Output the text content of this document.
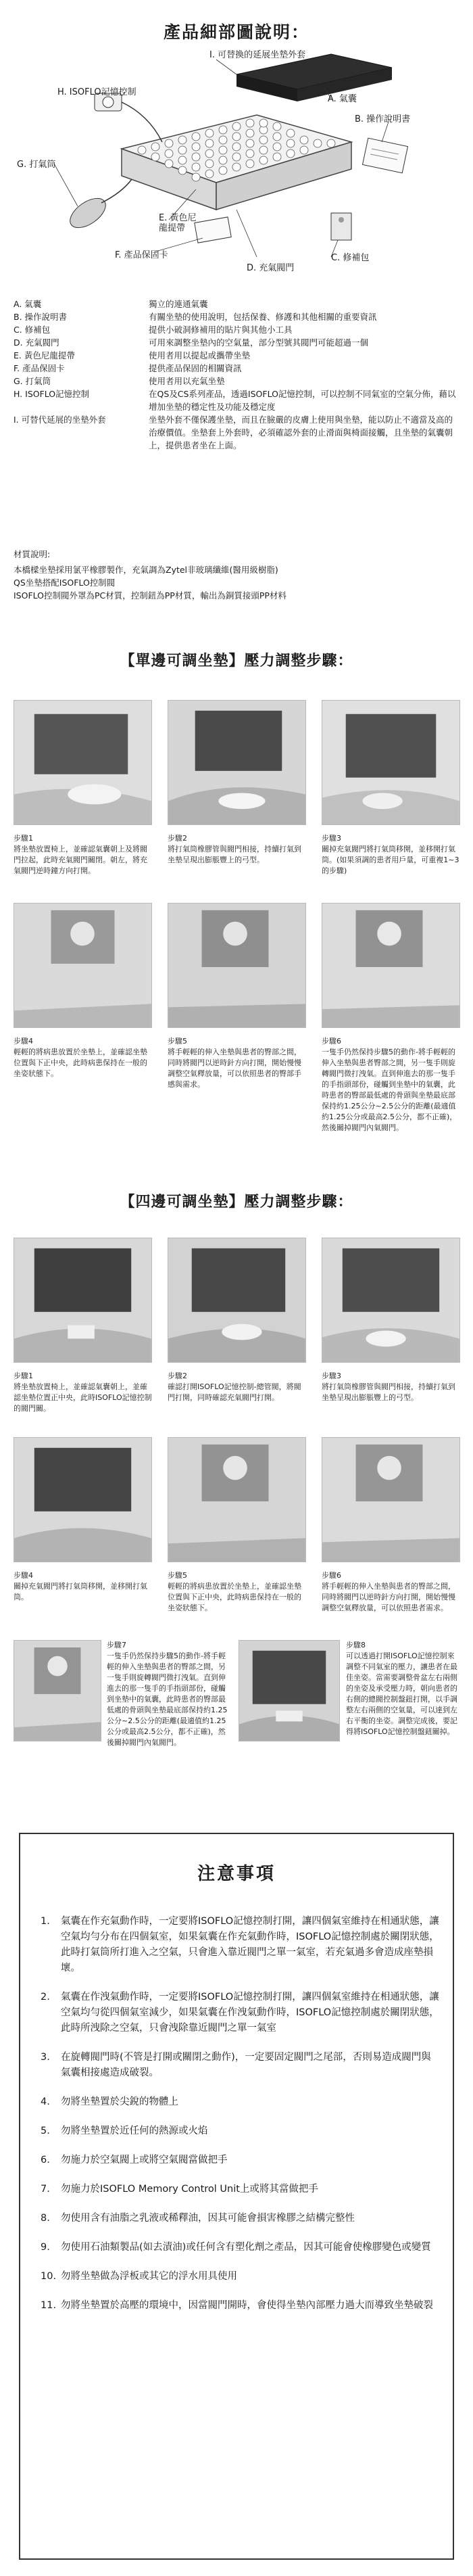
產品細部圖說明：
I. 可替換的延展坐墊外套
H. ISOFLO記憶控制
A. 氣囊
B. 操作說明書
G. 打氣筒
E. 黃色尼
龍提帶
F. 產品保固卡	C. 修補包
D. 充氣閥門
A. 氣囊	獨立的連通氣囊
B. 操作說明書	有關坐墊的使用說明，包括保養、修護和其他相關的重要資訊
C. 修補包	提供小破洞修補用的貼片與其他小工具
D. 充氣閥門	可用來調整坐墊內的空氣量，部分型號其閥門可能超過一個
E. 黃色尼龍提帶	使用者用以提起或攜帶坐墊
F. 產品保固卡	提供產品保固的相關資訊
G. 打氣筒	使用者用以充氣坐墊
H. ISOFLO記憶控制	在QS及CS系列產品，透過ISOFLO記憶控制，可以控制不同氣室的空氣分佈，藉以增加坐墊的穩定性及功能及穩定度
I. 可替代延展的坐墊外套	坐墊外套不僅保護坐墊，而且在臉嚴的皮膚上使用與坐墊，能以防止不適當及高的治療價值。坐墊套上外套時，必須確認外套的止滑面與椅面接觸，且坐墊的氣囊朝上，提供患者坐在上面。
材質說明:
本橋樑坐墊採用氯平橡膠製作，充氣調為Zytel非玻璃纖維(醫用級樹脂)
QS坐墊搭配ISOFLO控制閥
ISOFLO控制閥外罩為PC材質，控制鈕為PP材質，輸出為銅質接頭PP材料
【單邊可調坐墊】壓力調整步驟：
步驟1
將坐墊放置椅上，並確認氣囊朝上及將閥門拉起，此時充氣閥門關閉。朝左，將充氣閥門逆時鐘方向打開。
步驟2
將打氣筒橡膠管與閥門相接，持續打氣到坐墊呈現出膨脹豐上的弓型。
步驟3
關掉充氣閥門將打氣筒移開，並移開打氣筒。(如果須調的患者用戶量，可重複1~3的步驟)
步驟4
輕輕的將病患放置於坐墊上，並確認坐墊位置與下正中央，此時病患保持在一般的坐姿狀態下。
步驟5
將手輕輕的伸入坐墊與患者的臀部之間，同時將閥門以逆時針方向打開，開始慢慢調整空氣釋放量，可以依照患者的臀部手感與需求。
步驟6
一隻手仍然保持步驟5的動作-將手輕輕的伸入坐墊與患者臀部之間，另一隻手則旋轉閥門微打洩氣。直到伸進去的那一隻手的手指頭部份，碰觸到坐墊中的氣囊，此時患者的臀部最低處的骨頭與坐墊最底部保持約1.25公分~2.5公分的距離(最適值約1.25公分或最高2.5公分，都不正確)，然後關掉閥門內氣閥門。
【四邊可調坐墊】壓力調整步驟：
步驟1
將坐墊放置椅上，並確認氣囊朝上，並確認坐墊位置正中央，此時ISOFLO記憶控制的閥門關。
步驟2
確認打開ISOFLO記憶控制-總管閥，將閥門打開，同時確認充氣閥門打開。
步驟3
將打氣筒橡膠管與閥門相接，持續打氣到坐墊呈現出膨脹豐上的弓型。
步驟4
關掉充氣閥門將打氣筒移開，並移開打氣筒。
步驟5
輕輕的將病患放置於坐墊上，並確認坐墊位置與下正中央，此時病患保持在一般的坐姿狀態下。
步驟6
將手輕輕的伸入坐墊與患者的臀部之間，同時將閥門以逆時針方向打開，開始慢慢調整空氣釋放量，可以依照患者需求。
步驟7
一隻手仍然保持步驟5的動作-將手輕輕的伸入坐墊與患者的臀部之間，另一隻手則旋轉閥門微打洩氣。直到伸進去的那一隻手的手指頭部份，碰觸到坐墊中的氣囊，此時患者的臀部最低處的骨頭與坐墊最底部保持約1.25公分~2.5公分的距離(最適值約1.25公分或最高2.5公分，都不正確)，然後關掉閥門內氣閥門。
步驟8
可以透過打開ISOFLO記憶控制來調整不同氣室的壓力，讓患者在最佳坐姿。當需要調整骨盆左右兩側的坐姿及承受壓力時，朝向患者的右側的總閥控制盤鈕打開，以手調整左右兩側的空氣量，可以達到左右平衡的坐姿。調整完成後，要記得將ISOFLO記憶控制盤鈕關掉。
注意事項
1.	氣囊在作充氣動作時，一定要將ISOFLO記憶控制打開，讓四個氣室維持在相通狀態，讓空氣均勻分布在四個氣室，如果氣囊在作充氣動作時，ISOFLO記憶控制處於關閉狀態，此時打氣筒所打進入之空氣，只會進入靠近閥門之單一氣室，若充氣過多會造成座墊損壞。
2.	氣囊在作洩氣動作時，一定要將ISOFLO記憶控制打開，讓四個氣室維持在相通狀態，讓空氣均勻從四個氣室減少，如果氣囊在作洩氣動作時，ISOFLO記憶控制處於關閉狀態，此時所洩除之空氣，只會洩除靠近閥門之單一氣室
3.	在旋轉閥門時(不管是打開或關閉之動作)，一定要固定閥門之尾部，否則易造成閥門與氣囊相接處造成破裂。
4.	勿將坐墊置於尖銳的物體上
5.	勿將坐墊置於近任何的熱源或火焰
6.	勿施力於空氣閥上或將空氣閥當做把手
7.	勿施力於ISOFLO Memory Control Unit上或將其當做把手
8.	勿使用含有油脂之乳液或稀釋油，因其可能會損害橡膠之結構完整性
9.	勿使用石油類製品(如去漬油)或任何含有塑化劑之產品，因其可能會使橡膠變色或變質
10. 勿將坐墊做為浮板或其它的浮水用具使用
11. 勿將坐墊置於高壓的環境中，因當閥門開時，會使得坐墊內部壓力過大而導致坐墊破裂
